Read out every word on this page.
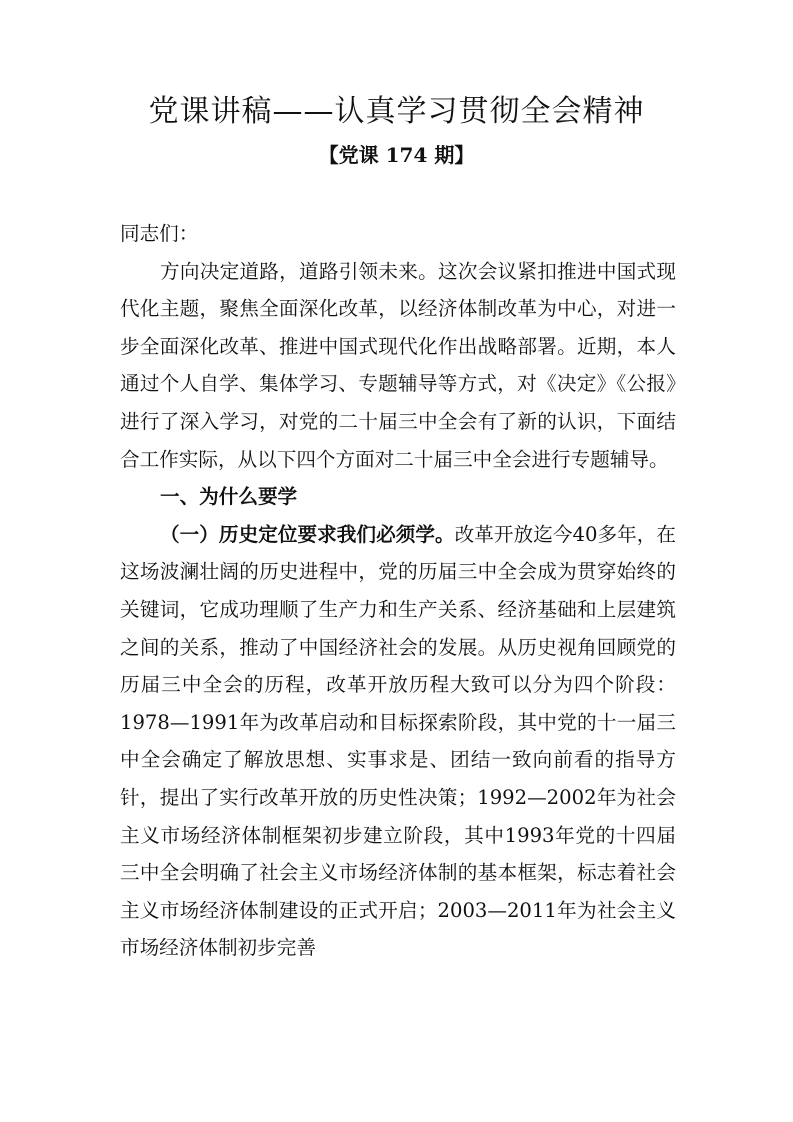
党课讲稿——认真学习贯彻全会精神
【党课 174 期】

同志们：

方向决定道路，道路引领未来。这次会议紧扣推进中国式现代化主题，聚焦全面深化改革，以经济体制改革为中心，对进一步全面深化改革、推进中国式现代化作出战略部署。近期，本人通过个人自学、集体学习、专题辅导等方式，对《决定》《公报》进行了深入学习，对党的二十届三中全会有了新的认识，下面结合工作实际，从以下四个方面对二十届三中全会进行专题辅导。

一、为什么要学

（一）历史定位要求我们必须学。改革开放迄今40多年，在这场波澜壮阔的历史进程中，党的历届三中全会成为贯穿始终的关键词，它成功理顺了生产力和生产关系、经济基础和上层建筑之间的关系，推动了中国经济社会的发展。从历史视角回顾党的历届三中全会的历程，改革开放历程大致可以分为四个阶段：1978—1991年为改革启动和目标探索阶段，其中党的十一届三中全会确定了解放思想、实事求是、团结一致向前看的指导方针，提出了实行改革开放的历史性决策；1992—2002年为社会主义市场经济体制框架初步建立阶段，其中1993年党的十四届三中全会明确了社会主义市场经济体制的基本框架，标志着社会主义市场经济体制建设的正式开启；2003—2011年为社会主义市场经济体制初步完善
